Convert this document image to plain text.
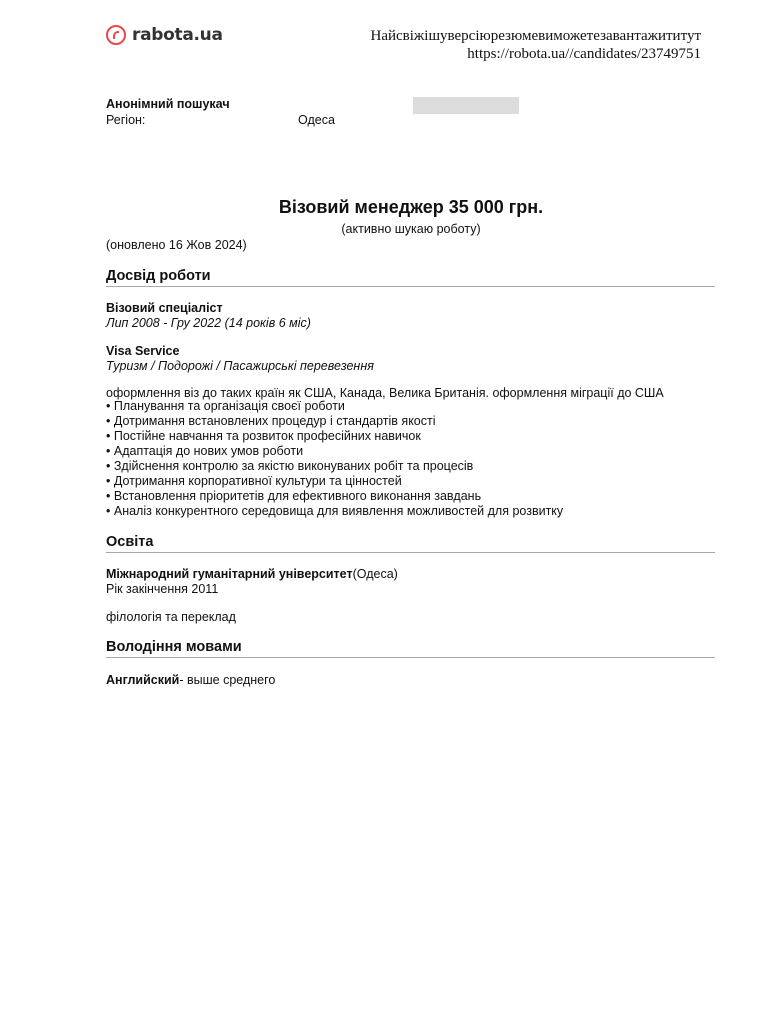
rabota.ua	Найсвіжішуверсіюрезюмевиможетезавантажититут
https://robota.ua//candidates/23749751
Анонімний пошукач
Регіон:	Одеса
Візовий менеджер 35 000 грн.
(активно шукаю роботу)
(оновлено 16 Жов 2024)
Досвід роботи
Візовий спеціаліст
Лип 2008 - Гру 2022 (14 років 6 міс)
Visa Service
Туризм / Подорожі / Пасажирські перевезення
оформлення віз до таких країн як США, Канада, Велика Британія. оформлення міграції до США
• Планування та організація своєї роботи
• Дотримання встановлених процедур і стандартів якості
• Постійне навчання та розвиток професійних навичок
• Адаптація до нових умов роботи
• Здійснення контролю за якістю виконуваних робіт та процесів
• Дотримання корпоративної культури та цінностей
• Встановлення пріоритетів для ефективного виконання завдань
• Аналіз конкурентного середовища для виявлення можливостей для розвитку
Освіта
Міжнародний гуманітарний університет(Одеса)
Рік закінчення 2011
філологія та переклад
Володіння мовами
Английский- выше среднего
